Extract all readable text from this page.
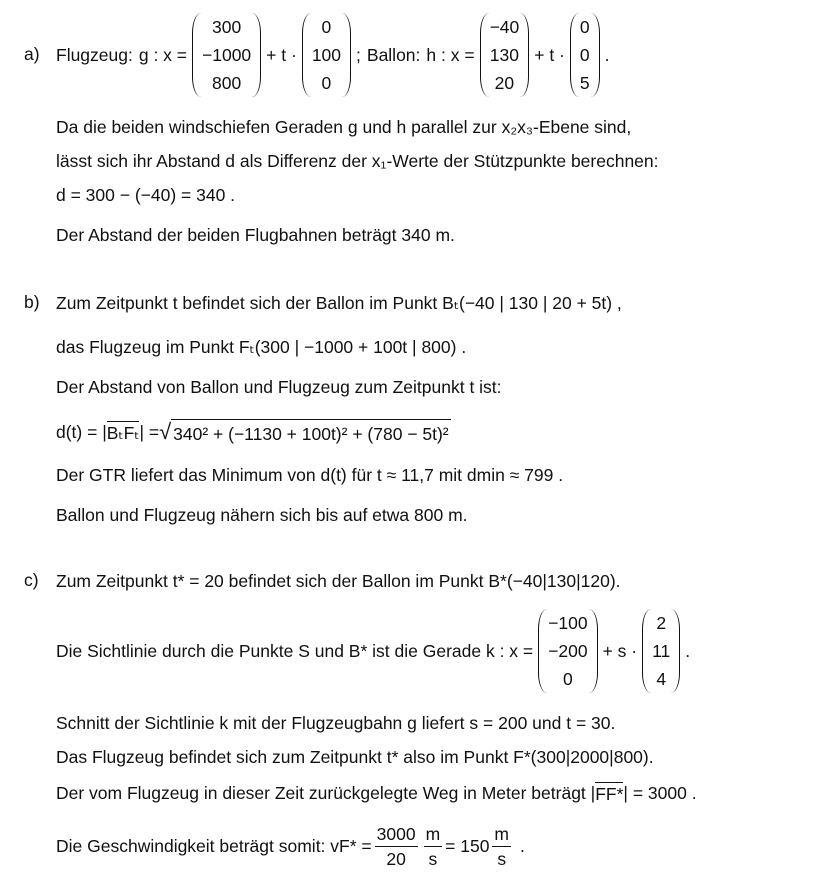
a) Flugzeug: g : x =
300
−1000
800
+ t ·
0
100
0
; Ballon: h : x =
−40
130
20
+ t ·
0
0
5
.
Da die beiden windschiefen Geraden g und h parallel zur x₂x₃-Ebene sind,
lässt sich ihr Abstand d als Differenz der x₁-Werte der Stützpunkte berechnen:
d = 300 − (−40) = 340 .
Der Abstand der beiden Flugbahnen beträgt 340 m.
b) Zum Zeitpunkt t befindet sich der Ballon im Punkt Bₜ(−40 | 130 | 20 + 5t) ,
das Flugzeug im Punkt Fₜ(300 | −1000 + 100t | 800) .
Der Abstand von Ballon und Flugzeug zum Zeitpunkt t ist:
d(t) = | BₜFₜ | = √ 340² + (−1130 + 100t)² + (780 − 5t)²
Der GTR liefert das Minimum von d(t) für t ≈ 11,7 mit dmin ≈ 799 .
Ballon und Flugzeug nähern sich bis auf etwa 800 m.
c) Zum Zeitpunkt t* = 20 befindet sich der Ballon im Punkt B*(−40|130|120).
Die Sichtlinie durch die Punkte S und B* ist die Gerade k : x =
−100
−200
0
+ s ·
2
11
4
.
Schnitt der Sichtlinie k mit der Flugzeugbahn g liefert s = 200 und t = 30.
Das Flugzeug befindet sich zum Zeitpunkt t* also im Punkt F*(300|2000|800).
Der vom Flugzeug in dieser Zeit zurückgelegte Weg in Meter beträgt | FF* | = 3000 .
Die Geschwindigkeit beträgt somit: $vF* = \frac{3000}{20} \frac{m}{s} = 150 \frac{m}{s}$ .
